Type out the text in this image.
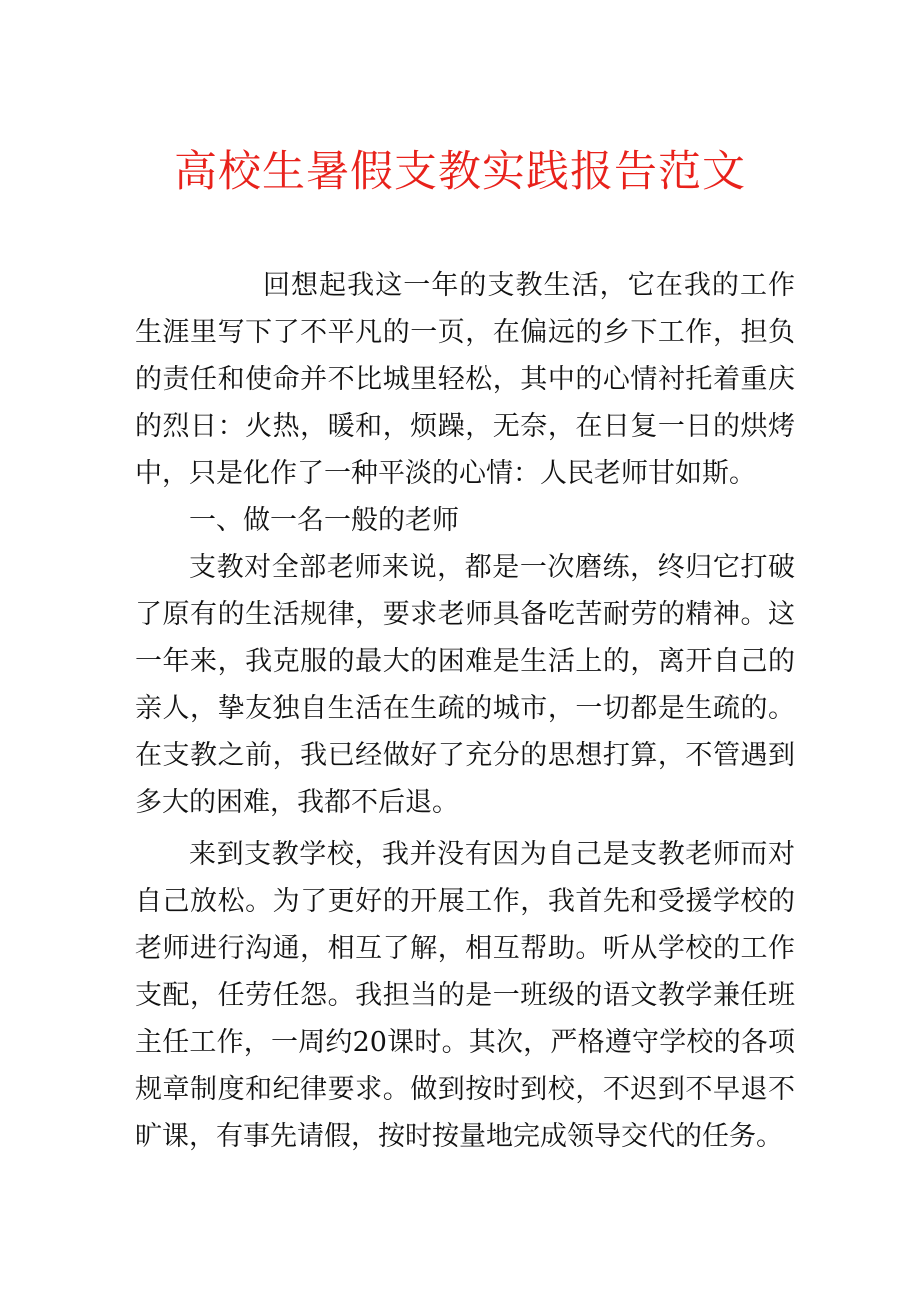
高校生暑假支教实践报告范文

回想起我这一年的支教生活，它在我的工作生涯里写下了不平凡的一页，在偏远的乡下工作，担负的责任和使命并不比城里轻松，其中的心情衬托着重庆的烈日：火热，暖和，烦躁，无奈，在日复一日的烘烤中，只是化作了一种平淡的心情：人民老师甘如斯。

一、做一名一般的老师

支教对全部老师来说，都是一次磨练，终归它打破了原有的生活规律，要求老师具备吃苦耐劳的精神。这一年来，我克服的最大的困难是生活上的，离开自己的亲人，挚友独自生活在生疏的城市，一切都是生疏的。在支教之前，我已经做好了充分的思想打算，不管遇到多大的困难，我都不后退。

来到支教学校，我并没有因为自己是支教老师而对自己放松。为了更好的开展工作，我首先和受援学校的老师进行沟通，相互了解，相互帮助。听从学校的工作支配，任劳任怨。我担当的是一班级的语文教学兼任班主任工作，一周约20课时。其次，严格遵守学校的各项规章制度和纪律要求。做到按时到校，不迟到不早退不旷课，有事先请假，按时按量地完成领导交代的任务。
